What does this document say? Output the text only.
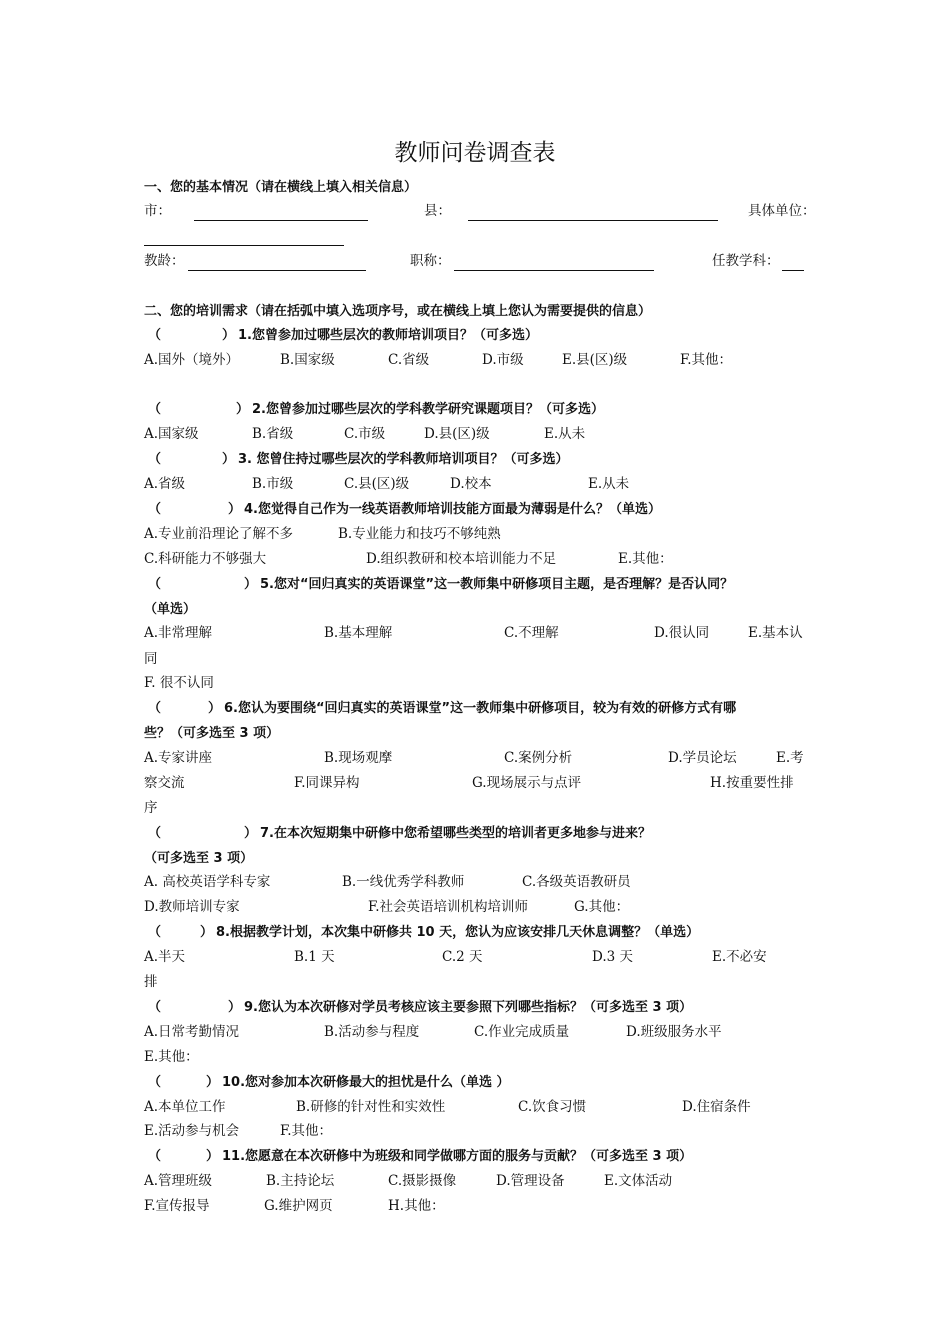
教师问卷调查表
一、您的基本情况（请在横线上填入相关信息）
市：	县：	具体单位：
教龄：	职称：	任教学科：
二、您的培训需求（请在括弧中填入选项序号，或在横线上填上您认为需要提供的信息）
（	） 1.您曾参加过哪些层次的教师培训项目？（可多选）
A.国外（境外）	B.国家级	C.省级	D.市级	E.县(区)级	F.其他：
（	） 2.您曾参加过哪些层次的学科教学研究课题项目？（可多选）
A.国家级	B.省级	C.市级	D.县(区)级	E.从未
（	） 3. 您曾住持过哪些层次的学科教师培训项目？（可多选）
A.省级	B.市级	C.县(区)级	D.校本	E.从未
（	） 4.您觉得自己作为一线英语教师培训技能方面最为薄弱是什么？（单选）
A.专业前沿理论了解不多	B.专业能力和技巧不够纯熟
C.科研能力不够强大	D.组织教研和校本培训能力不足	E.其他：
（	） 5.您对“回归真实的英语课堂”这一教师集中研修项目主题，是否理解？是否认同？
（单选）
A.非常理解	B.基本理解	C.不理解	D.很认同	E.基本认
同
F. 很不认同
（	） 6.您认为要围绕“回归真实的英语课堂”这一教师集中研修项目，较为有效的研修方式有哪
些？（可多选至 3 项）
A.专家讲座	B.现场观摩	C.案例分析	D.学员论坛	E.考
察交流	F.同课异构	G.现场展示与点评	H.按重要性排
序
（	） 7.在本次短期集中研修中您希望哪些类型的培训者更多地参与进来？
（可多选至 3 项）
A. 高校英语学科专家	B.一线优秀学科教师	C.各级英语教研员
D.教师培训专家	F.社会英语培训机构培训师	G.其他：
（	） 8.根据教学计划，本次集中研修共 10 天，您认为应该安排几天休息调整？（单选）
A.半天	B.1 天	C.2 天	D.3 天	E.不必安
排
（	） 9.您认为本次研修对学员考核应该主要参照下列哪些指标？（可多选至 3 项）
A.日常考勤情况	B.活动参与程度	C.作业完成质量	D.班级服务水平
E.其他：
（	） 10.您对参加本次研修最大的担忧是什么（单选 ）
A.本单位工作	B.研修的针对性和实效性	C.饮食习惯	D.住宿条件
E.活动参与机会	F.其他：
（	） 11.您愿意在本次研修中为班级和同学做哪方面的服务与贡献？（可多选至 3 项）
A.管理班级	B.主持论坛	C.摄影摄像	D.管理设备	E.文体活动
F.宣传报导	G.维护网页	H.其他：
